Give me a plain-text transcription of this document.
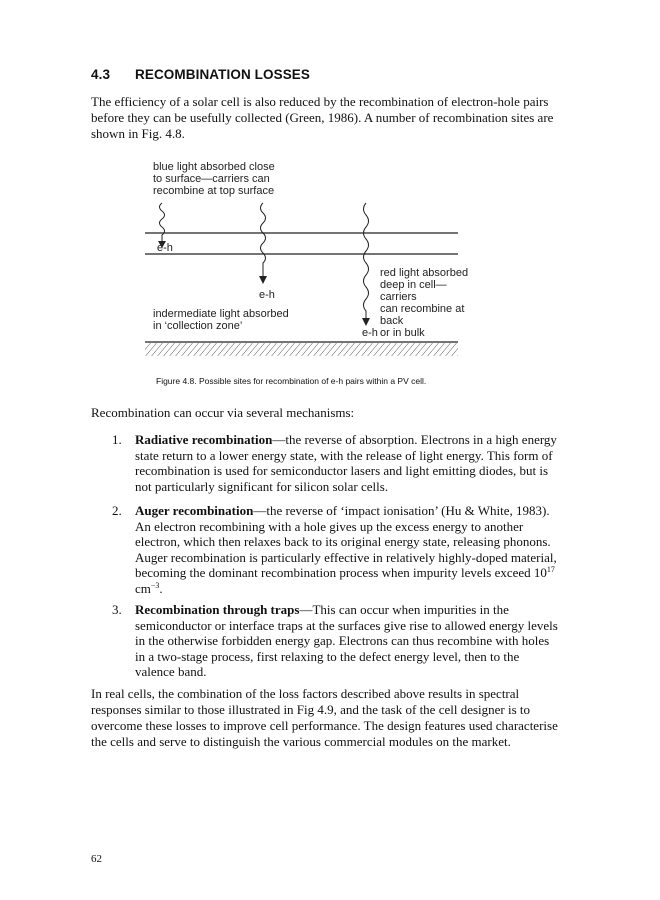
4.3 RECOMBINATION LOSSES
The efficiency of a solar cell is also reduced by the recombination of electron-hole pairs before they can be usefully collected (Green, 1986). A number of recombination sites are shown in Fig. 4.8.
blue light absorbed close
to surface—carriers can
recombine at top surface
red light absorbed
deep in cell—carriers
can recombine at back
or in bulk
indermediate light absorbed
in ‘collection zone’
e-h
e-h
e-h
Figure 4.8. Possible sites for recombination of e-h pairs within a PV cell.
Recombination can occur via several mechanisms:
1.	Radiative recombination—the reverse of absorption. Electrons in a high energy state return to a lower energy state, with the release of light energy. This form of recombination is used for semiconductor lasers and light emitting diodes, but is not particularly significant for silicon solar cells.
2.	Auger recombination—the reverse of ‘impact ionisation’ (Hu & White, 1983). An electron recombining with a hole gives up the excess energy to another electron, which then relaxes back to its original energy state, releasing phonons. Auger recombination is particularly effective in relatively highly-doped material, becoming the dominant recombination process when impurity levels exceed $10^{17}$ $cm^{-3}$.
3.	Recombination through traps—This can occur when impurities in the semiconductor or interface traps at the surfaces give rise to allowed energy levels in the otherwise forbidden energy gap. Electrons can thus recombine with holes in a two-stage process, first relaxing to the defect energy level, then to the valence band.
In real cells, the combination of the loss factors described above results in spectral responses similar to those illustrated in Fig 4.9, and the task of the cell designer is to overcome these losses to improve cell performance. The design features used characterise the cells and serve to distinguish the various commercial modules on the market.
62
